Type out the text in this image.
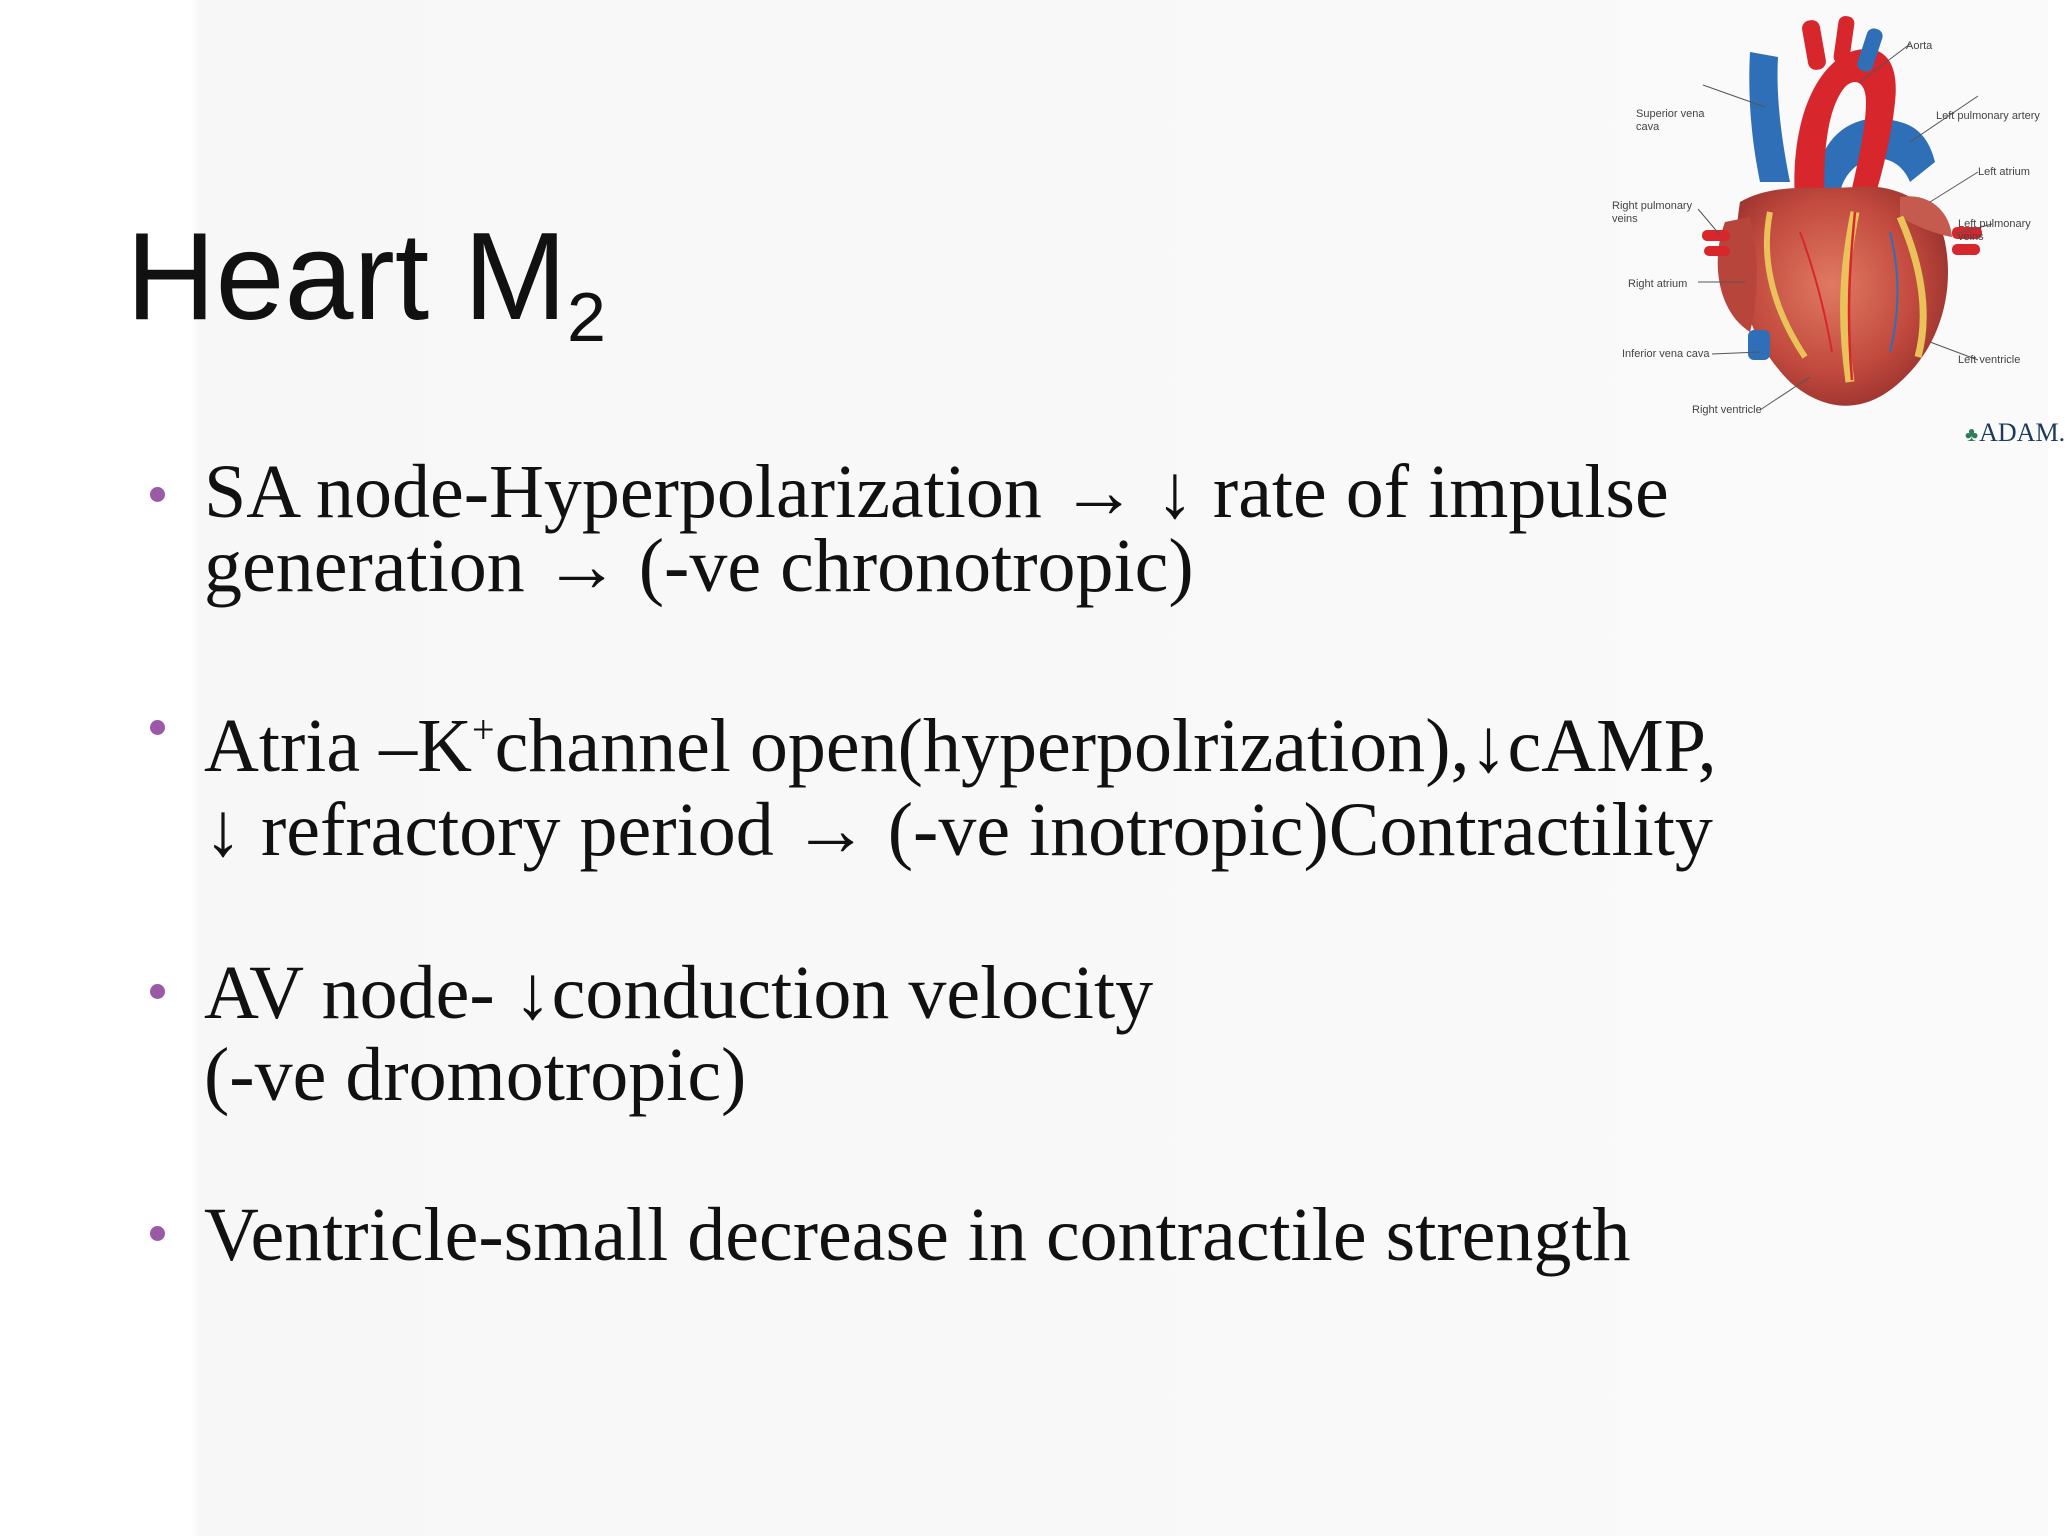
Heart $M_2$
SA node-Hyperpolarization → ↓ rate of impulse
generation → (-ve chronotropic)
Atria –K+channel open(hyperpolrization),↓cAMP,
↓ refractory period → (-ve inotropic)Contractility
AV node- ↓conduction velocity
(-ve dromotropic)
Ventricle-small decrease in contractile strength
Aorta
Superior vena cava
Left pulmonary artery
Left atrium
Right pulmonary veins	Left pulmonary veins
Right atrium
Inferior vena cava	Left ventricle
Right ventricle
♣ADAM.
